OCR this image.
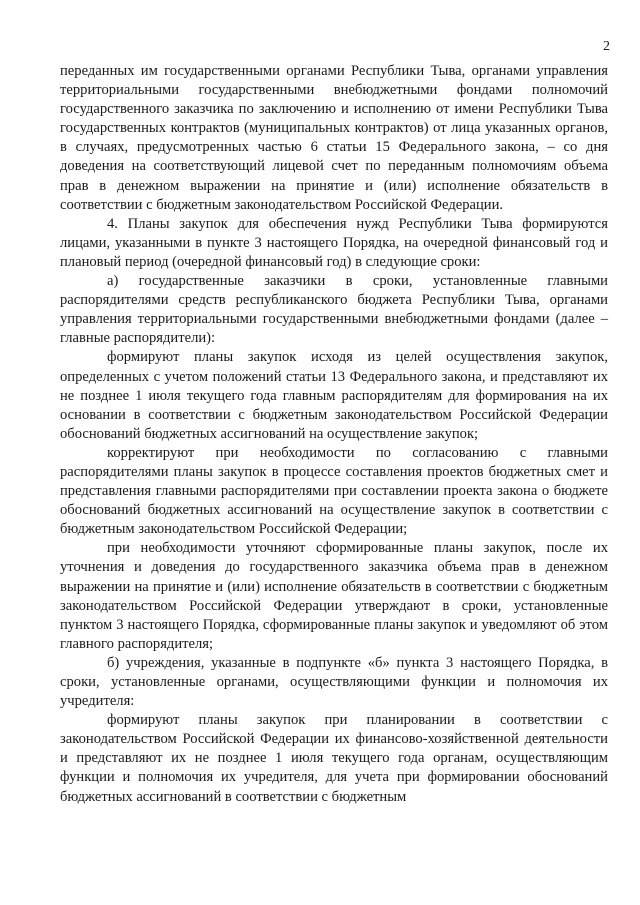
2

переданных им государственными органами Республики Тыва, органами управления территориальными государственными внебюджетными фондами полномочий государственного заказчика по заключению и исполнению от имени Республики Тыва государственных контрактов (муниципальных контрактов) от лица указанных органов, в случаях, предусмотренных частью 6 статьи 15 Федерального закона, – со дня доведения на соответствующий лицевой счет по переданным полномочиям объема прав в денежном выражении на принятие и (или) исполнение обязательств в соответствии с бюджетным законодательством Российской Федерации.

4. Планы закупок для обеспечения нужд Республики Тыва формируются лицами, указанными в пункте 3 настоящего Порядка, на очередной финансовый год и плановый период (очередной финансовый год) в следующие сроки:

а) государственные заказчики в сроки, установленные главными распорядителями средств республиканского бюджета Республики Тыва, органами управления территориальными государственными внебюджетными фондами (далее – главные распорядители):

формируют планы закупок исходя из целей осуществления закупок, определенных с учетом положений статьи 13 Федерального закона, и представляют их не позднее 1 июля текущего года главным распорядителям для формирования на их основании в соответствии с бюджетным законодательством Российской Федерации обоснований бюджетных ассигнований на осуществление закупок;

корректируют при необходимости по согласованию с главными распорядителями планы закупок в процессе составления проектов бюджетных смет и представления главными распорядителями при составлении проекта закона о бюджете обоснований бюджетных ассигнований на осуществление закупок в соответствии с бюджетным законодательством Российской Федерации;

при необходимости уточняют сформированные планы закупок, после их уточнения и доведения до государственного заказчика объема прав в денежном выражении на принятие и (или) исполнение обязательств в соответствии с бюджетным законодательством Российской Федерации утверждают в сроки, установленные пунктом 3 настоящего Порядка, сформированные планы закупок и уведомляют об этом главного распорядителя;

б) учреждения, указанные в подпункте «б» пункта 3 настоящего Порядка, в сроки, установленные органами, осуществляющими функции и полномочия их учредителя:

формируют планы закупок при планировании в соответствии с законодательством Российской Федерации их финансово-хозяйственной деятельности и представляют их не позднее 1 июля текущего года органам, осуществляющим функции и полномочия их учредителя, для учета при формировании обоснований бюджетных ассигнований в соответствии с бюджетным
